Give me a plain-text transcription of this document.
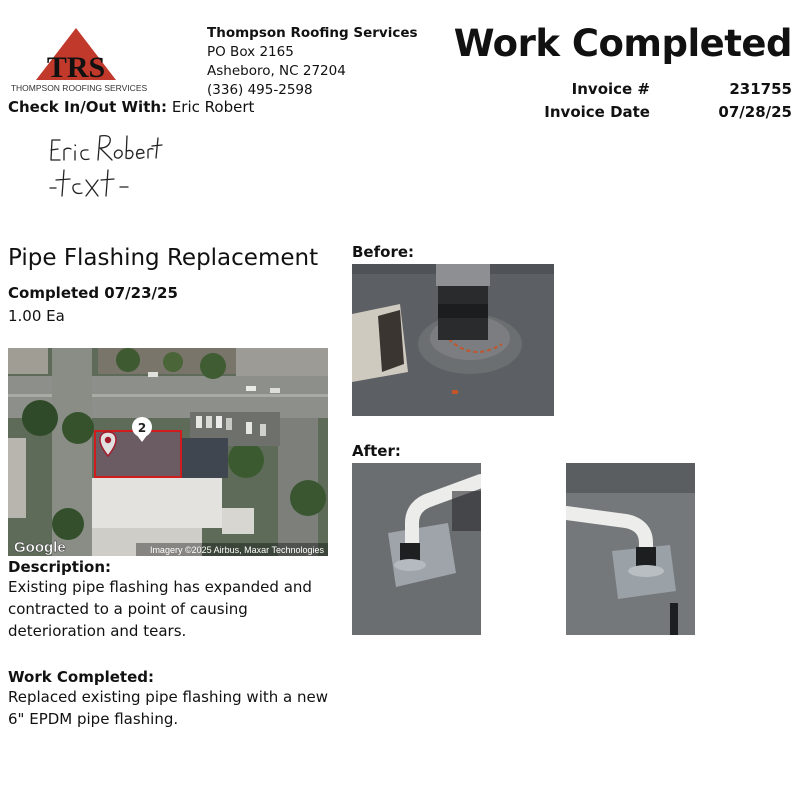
TRS
THOMPSON ROOFING SERVICES
Thompson Roofing Services
PO Box 2165
Asheboro, NC 27204
(336) 495-2598
Work Completed
Invoice #	231755
Invoice Date	07/28/25
Check In/Out With: Eric Robert
Pipe Flashing Replacement
Completed 07/23/25
1.00 Ea
2
Google	Imagery ©2025 Airbus, Maxar Technologies
Description:
Existing pipe flashing has expanded and contracted to a point of causing deterioration and tears.
Work Completed:
Replaced existing pipe flashing with a new 6" EPDM pipe flashing.
Before:
After:
